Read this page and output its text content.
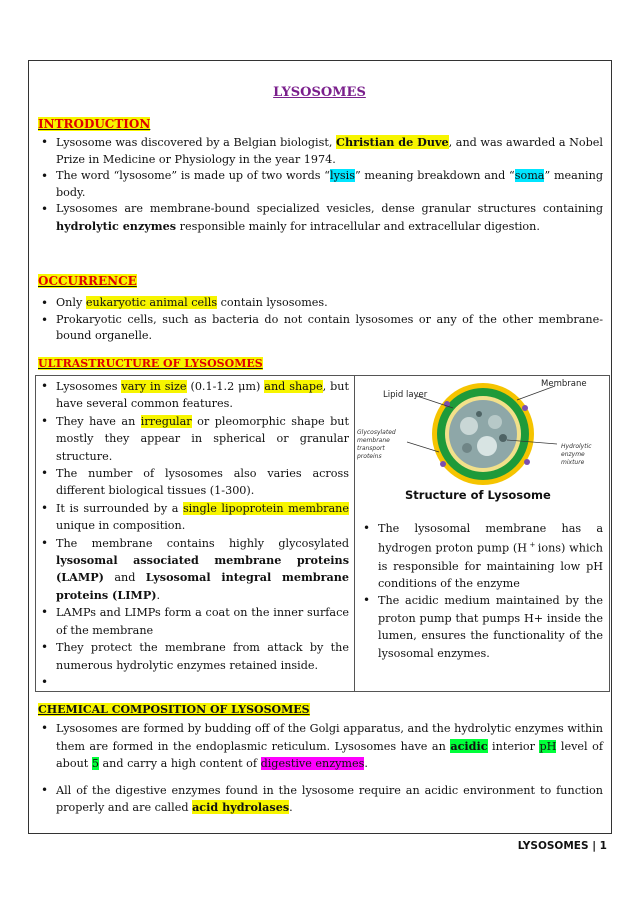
LYSOSOMES
INTRODUCTION
• Lysosome was discovered by a Belgian biologist, Christian de Duve, and was awarded a Nobel Prize in Medicine or Physiology in the year 1974.
• The word “lysosome” is made up of two words “lysis” meaning breakdown and “soma” meaning body.
• Lysosomes are membrane-bound specialized vesicles, dense granular structures containing hydrolytic enzymes responsible mainly for intracellular and extracellular digestion.
OCCURRENCE
• Only eukaryotic animal cells contain lysosomes.
• Prokaryotic cells, such as bacteria do not contain lysosomes or any of the other membrane-bound organelle.
ULTRASTRUCTURE OF LYSOSOMES
• Lysosomes vary in size (0.1-1.2 μm) and shape, but have several common features.
• They have an irregular or pleomorphic shape but mostly they appear in spherical or granular structure.
• The number of lysosomes also varies across different biological tissues (1-300).
• It is surrounded by a single lipoprotein membrane unique in composition.
• The membrane contains highly glycosylated lysosomal associated membrane proteins (LAMP) and Lysosomal integral membrane proteins (LIMP).
• LAMPs and LIMPs form a coat on the inner surface of the membrane
• They protect the membrane from attack by the numerous hydrolytic enzymes retained inside.
•
Lipid layer
Membrane
Glycosylated
membrane
transport
proteins
Hydrolytic
enzyme
mixture
Structure of Lysosome
• The lysosomal membrane has a hydrogen proton pump (H + ions) which is responsible for maintaining low pH conditions of the enzyme
• The acidic medium maintained by the proton pump that pumps H+ inside the lumen, ensures the functionality of the lysosomal enzymes.
CHEMICAL COMPOSITION OF LYSOSOMES
• Lysosomes are formed by budding off of the Golgi apparatus, and the hydrolytic enzymes within them are formed in the endoplasmic reticulum. Lysosomes have an acidic interior pH level of about 5 and carry a high content of digestive enzymes.
• All of the digestive enzymes found in the lysosome require an acidic environment to function properly and are called acid hydrolases.
LYSOSOMES | 1
